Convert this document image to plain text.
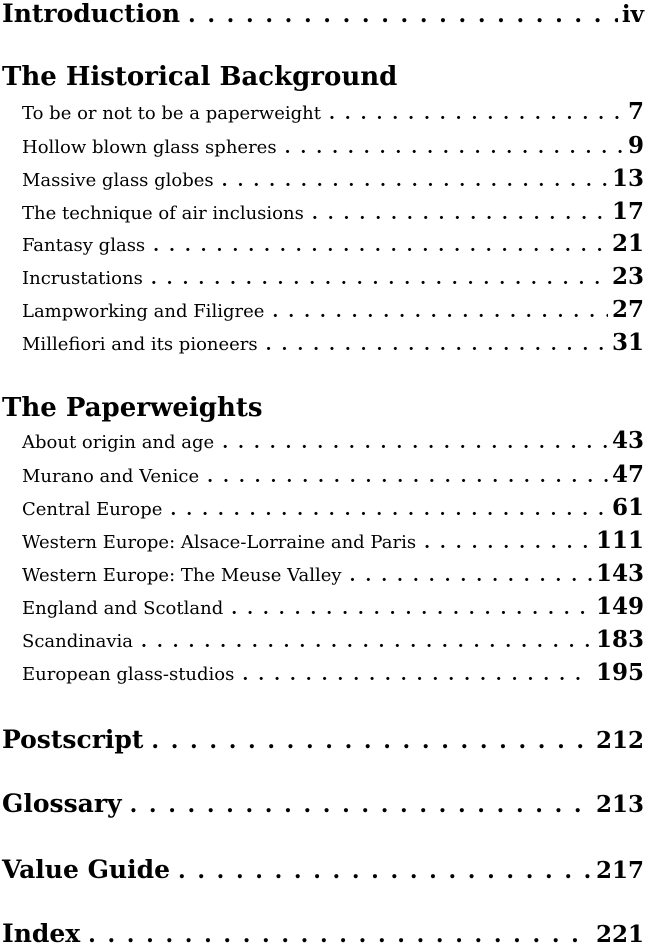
Introduction . . .	iv
The Historical Background
To be or not to be a paperweight . . .	7
Hollow blown glass spheres . . .	9
Massive glass globes . . .	13
The technique of air inclusions . . .	17
Fantasy glass . . .	21
Incrustations . . .	23
Lampworking and Filigree . . .	27
Millefiori and its pioneers . . .	31
The Paperweights
About origin and age . . .	43
Murano and Venice . . .	47
Central Europe . . .	61
Western Europe: Alsace-Lorraine and Paris . . .	111
Western Europe: The Meuse Valley . . .	143
England and Scotland . . .	149
Scandinavia . . .	183
European glass-studios . . .	195
Postscript . . .	212
Glossary . . .	213
Value Guide . . .	217
Index . . .	221
